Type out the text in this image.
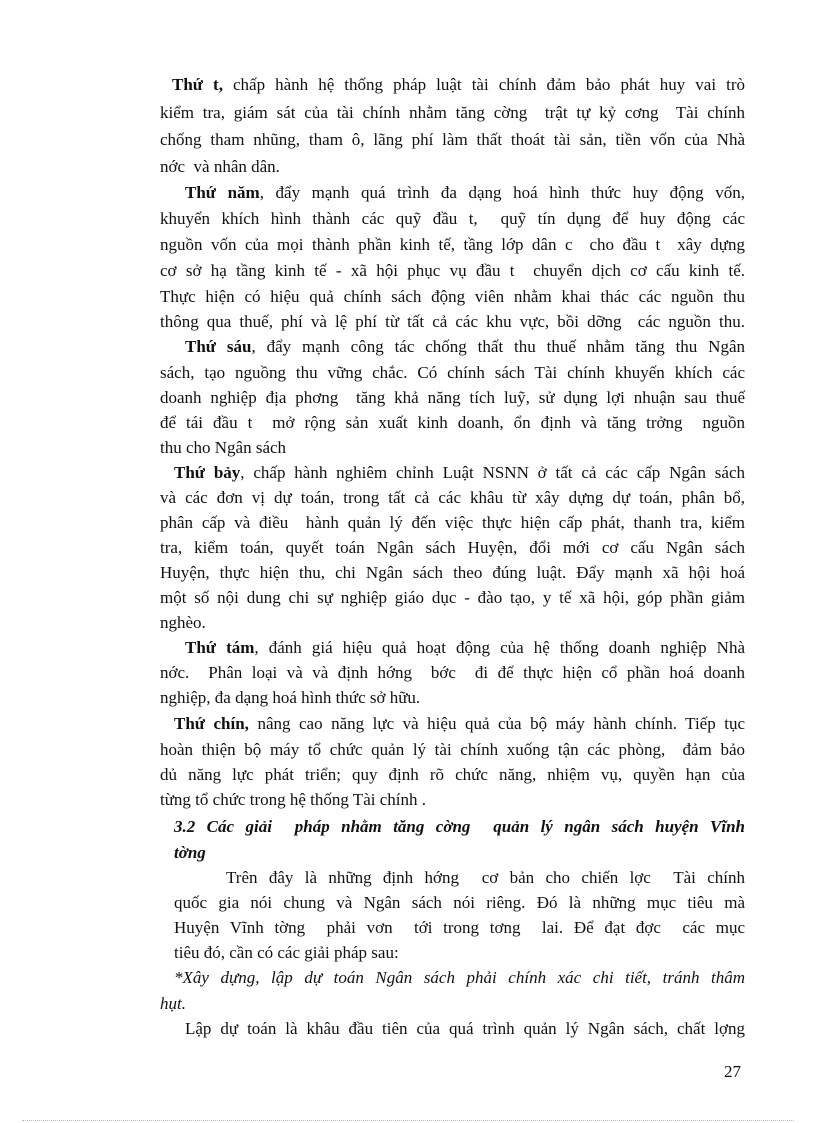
Thứ t, chấp hành hệ thống pháp luật tài chính đảm bảo phát huy vai trò
kiểm tra, giám sát của tài chính nhằm tăng cờng  trật tự kỷ cơng  Tài chính
chống tham nhũng, tham ô, lãng phí làm thất thoát tài sản, tiền vốn của Nhà
nớc  và nhân dân.
Thứ năm, đẩy mạnh quá trình đa dạng hoá hình thức huy động vốn,
khuyến khích hình thành các quỹ đầu t,  quỹ tín dụng để huy động các
nguồn vốn của mọi thành phần kinh tế, tầng lớp dân c  cho đầu t  xây dựng
cơ sở hạ tầng kinh tế - xã hội phục vụ đầu t  chuyển dịch cơ cấu kinh tế.
Thực hiện có hiệu quả chính sách động viên nhằm khai thác các nguồn thu
thông qua thuế, phí và lệ phí từ tất cả các khu vực, bồi dỡng  các nguồn thu.
Thứ sáu, đẩy mạnh công tác chống thất thu thuế nhằm tăng thu Ngân
sách, tạo nguồng thu vững chắc. Có chính sách Tài chính khuyến khích các
doanh nghiệp địa phơng  tăng khả năng tích luỹ, sử dụng lợi nhuận sau thuế
để tái đầu t  mở rộng sản xuất kinh doanh, ổn định và tăng trởng  nguồn
thu cho Ngân sách
Thứ bảy, chấp hành nghiêm chỉnh Luật NSNN ở tất cả các cấp Ngân sách
và các đơn vị dự toán, trong tất cả các khâu từ xây dựng dự toán, phân bổ,
phân cấp và điều  hành quản lý đến việc thực hiện cấp phát, thanh tra, kiểm
tra, kiểm toán, quyết toán Ngân sách Huyện, đổi mới cơ cấu Ngân sách
Huyện, thực hiện thu, chi Ngân sách theo đúng luật. Đẩy mạnh xã hội hoá
một số nội dung chi sự nghiệp giáo dục - đào tạo, y tế xã hội, góp phần giảm
nghèo.
Thứ tám, đánh giá hiệu quả hoạt động của hệ thống doanh nghiệp Nhà
nớc.  Phân loại và và định hớng  bớc  đi để thực hiện cổ phần hoá doanh
nghiệp, đa dạng hoá hình thức sở hữu.
Thứ chín, nâng cao năng lực và hiệu quả của bộ máy hành chính. Tiếp tục
hoàn thiện bộ máy tổ chức quản lý tài chính xuống tận các phòng,  đảm bảo
dủ năng lực phát triển; quy định rõ chức năng, nhiệm vụ, quyền hạn của
từng tổ chức trong hệ thống Tài chính .
3.2 Các giải  pháp nhằm tăng cờng  quản lý ngân sách huyện Vĩnh
tờng
Trên đây là những định hớng  cơ bản cho chiến lợc  Tài chính
quốc gia nói chung và Ngân sách nói riêng. Đó là những mục tiêu mà
Huyện Vĩnh tờng  phải vơn  tới trong tơng  lai. Để đạt đợc  các mục
tiêu đó, cần có các giải pháp sau:
*Xây dựng, lập dự toán Ngân sách phải chính xác chi tiết, tránh thâm
hụt.
Lập dự toán là khâu đầu tiên của quá trình quản lý Ngân sách, chất lợng
27
